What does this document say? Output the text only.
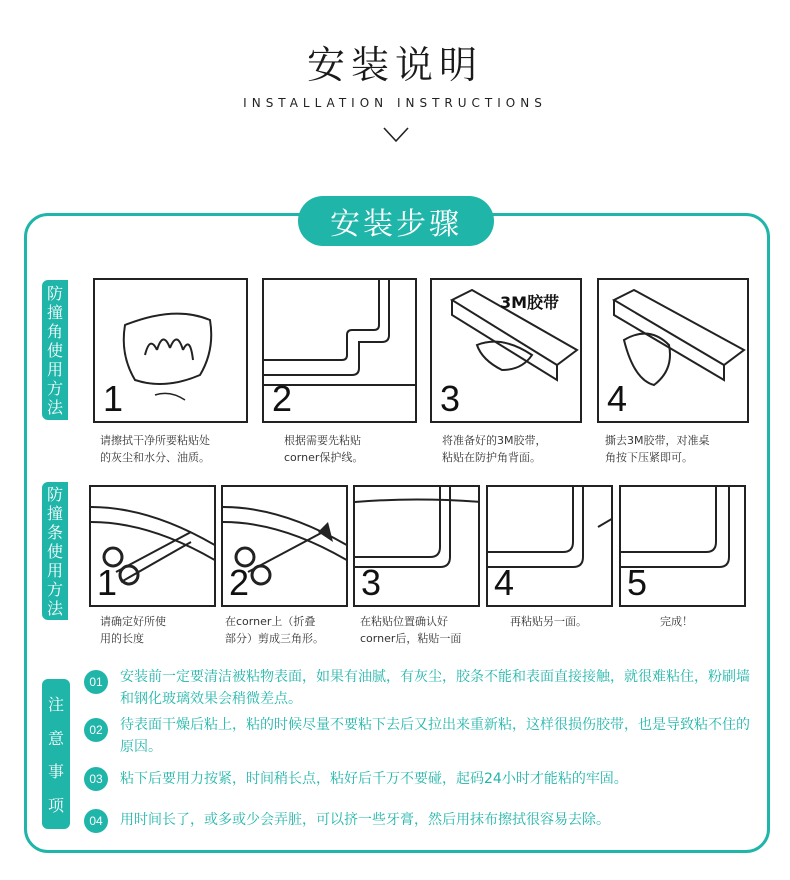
安装说明
INSTALLATION INSTRUCTIONS
安装步骤
防
撞
角
使
用
方
法 1
请擦拭干净所要粘贴处
的灰尘和水分、油质。
2
根据需要先粘贴
corner保护线。
3M胶带
3
将准备好的3M胶带，
粘贴在防护角背面。
4
撕去3M胶带，对准桌
角按下压紧即可。
防
撞
条
使
用
方
法
1	2	3	4	5
请确定好所使
用的长度
在corner上（折叠
部分）剪成三角形。
在粘贴位置确认好
corner后，粘贴一面
再粘贴另一面。	完成！
注
意
事
项
01	安装前一定要清洁被粘物表面，如果有油腻，有灰尘，胶条不能和表面直接接触，就很难粘住，粉刷墙和钢化玻璃效果会稍微差点。
02	待表面干燥后粘上，粘的时候尽量不要粘下去后又拉出来重新粘，这样很损伤胶带，也是导致粘不住的原因。
03	粘下后要用力按紧，时间稍长点，粘好后千万不要碰，起码24小时才能粘的牢固。
04	用时间长了，或多或少会弄脏，可以挤一些牙膏，然后用抹布擦拭很容易去除。
